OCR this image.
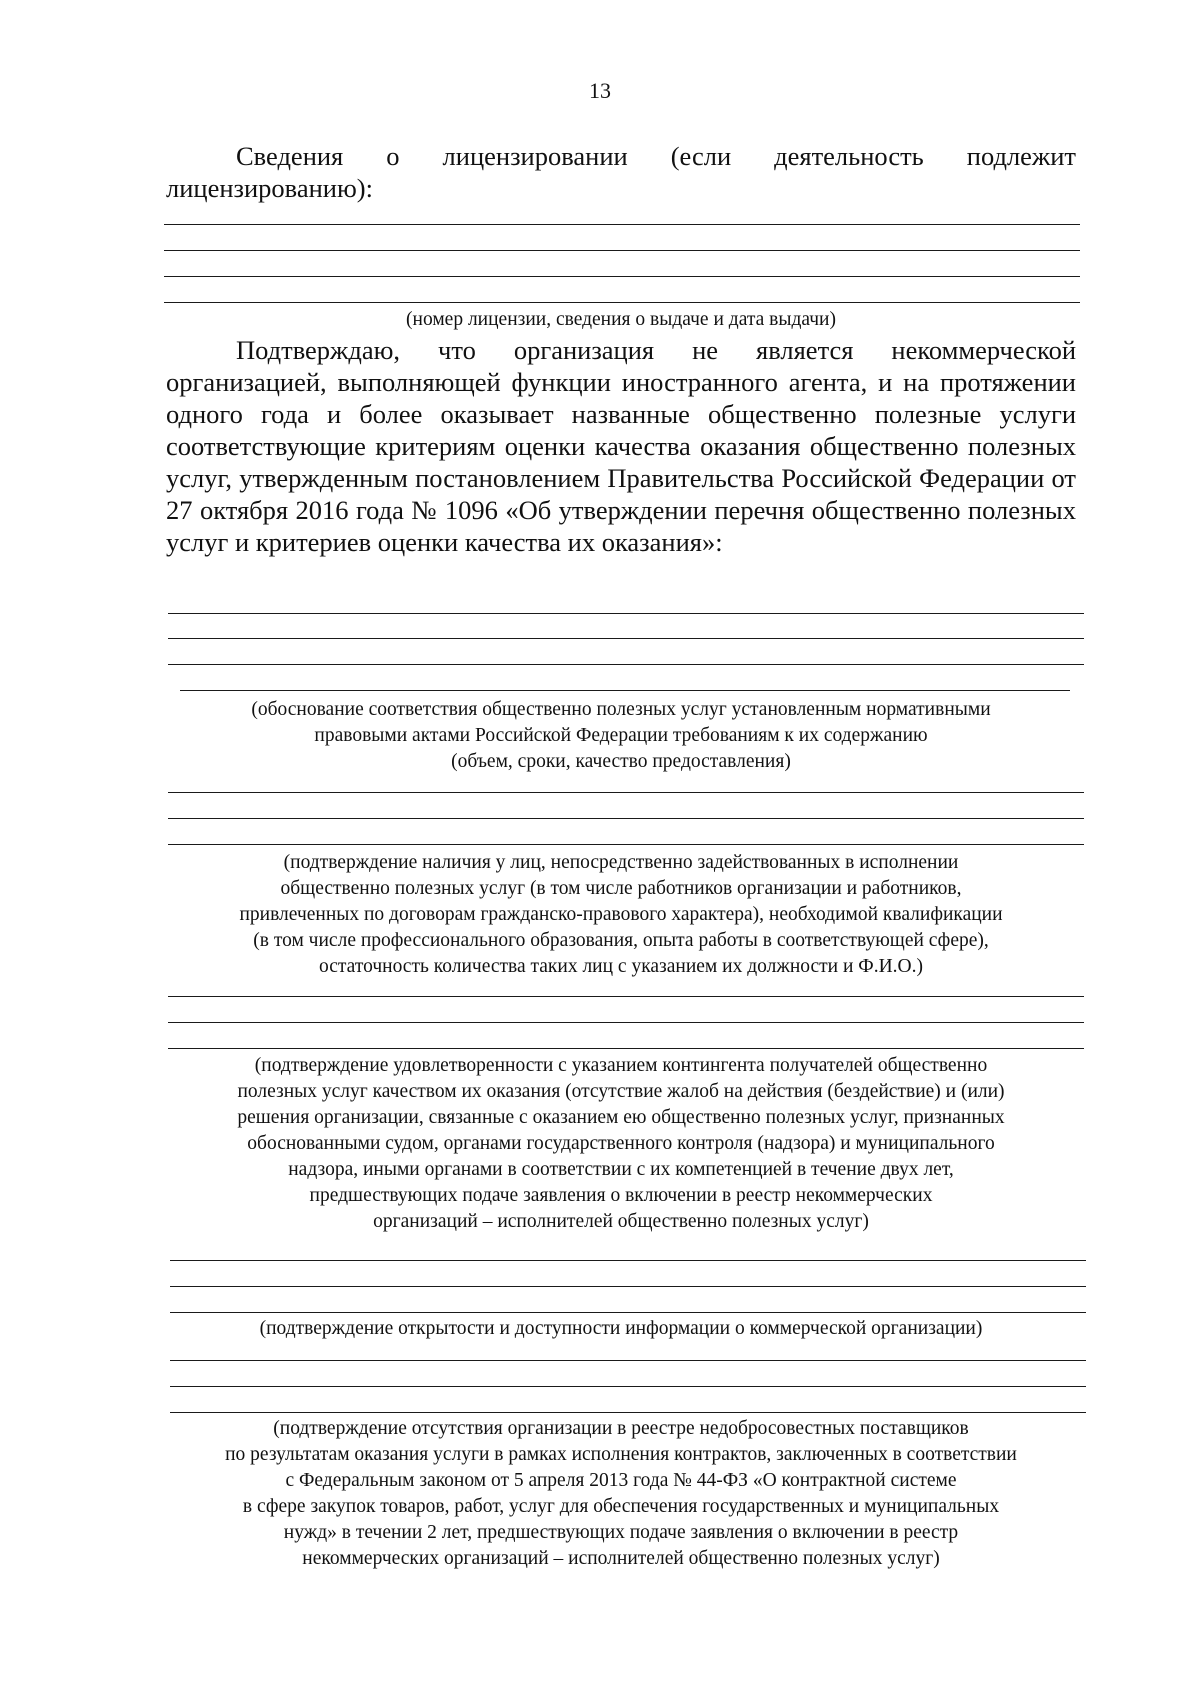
13

Сведения о лицензировании (если деятельность подлежит лицензированию):

(номер лицензии, сведения о выдаче и дата выдачи)

Подтверждаю, что организация не является некоммерческой организацией, выполняющей функции иностранного агента, и на протяжении одного года и более оказывает названные общественно полезные услуги соответствующие критериям оценки качества оказания общественно полезных услуг, утвержденным постановлением Правительства Российской Федерации от 27 октября 2016 года № 1096 «Об утверждении перечня общественно полезных услуг и критериев оценки качества их оказания»:

(обоснование соответствия общественно полезных услуг установленным нормативными
правовыми актами Российской Федерации требованиям к их содержанию
(объем, сроки, качество предоставления)
(подтверждение наличия у лиц, непосредственно задействованных в исполнении
общественно полезных услуг (в том числе работников организации и работников,
привлеченных по договорам гражданско-правового характера), необходимой квалификации
(в том числе профессионального образования, опыта работы в соответствующей сфере),
остаточность количества таких лиц с указанием их должности и Ф.И.О.)
(подтверждение удовлетворенности с указанием контингента получателей общественно
полезных услуг качеством их оказания (отсутствие жалоб на действия (бездействие) и (или)
решения организации, связанные с оказанием ею общественно полезных услуг, признанных
обоснованными судом, органами государственного контроля (надзора) и муниципального
надзора, иными органами в соответствии с их компетенцией в течение двух лет,
предшествующих подаче заявления о включении в реестр некоммерческих
организаций – исполнителей общественно полезных услуг)
(подтверждение открытости и доступности информации о коммерческой организации)
(подтверждение отсутствия организации в реестре недобросовестных поставщиков
по результатам оказания услуги в рамках исполнения контрактов, заключенных в соответствии
с Федеральным законом от 5 апреля 2013 года № 44-ФЗ «О контрактной системе
в сфере закупок товаров, работ, услуг для обеспечения государственных и муниципальных
нужд» в течении 2 лет, предшествующих подаче заявления о включении в реестр
некоммерческих организаций – исполнителей общественно полезных услуг)
